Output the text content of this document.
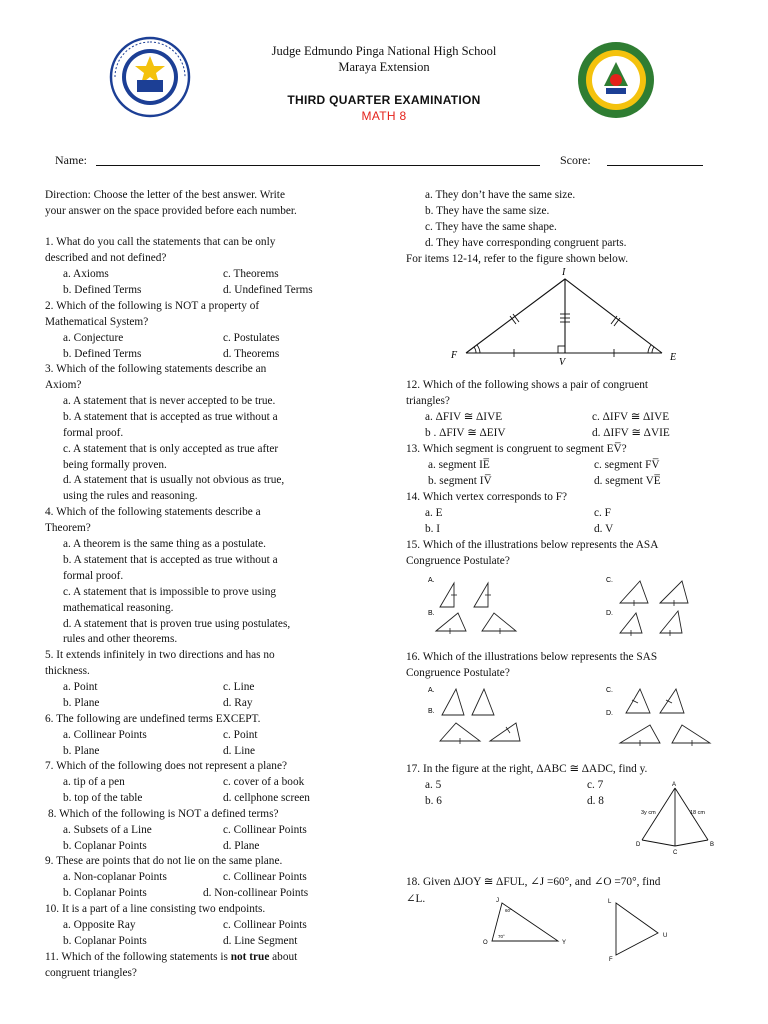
Judge Edmundo Pinga National High School
Maraya Extension
THIRD QUARTER EXAMINATION
MATH 8
Name:	Score:
Direction: Choose the letter of the best answer. Write
your answer on the space provided before each number.
1. What do you call the statements that can be only
described and not defined?
a. Axioms	c. Theorems
b. Defined Terms	d. Undefined Terms
2. Which of the following is NOT a property of
Mathematical System?
a. Conjecture	c. Postulates
b. Defined Terms	d. Theorems
3. Which of the following statements describe an
Axiom?
a. A statement that is never accepted to be true.
b. A statement that is accepted as true without a
formal proof.
c. A statement that is only accepted as true after
being formally proven.
d. A statement that is usually not obvious as true,
using the rules and reasoning.
4. Which of the following statements describe a
Theorem?
a. A theorem is the same thing as a postulate.
b. A statement that is accepted as true without a
formal proof.
c. A statement that is impossible to prove using
mathematical reasoning.
d. A statement that is proven true using postulates,
rules and other theorems.
5. It extends infinitely in two directions and has no
thickness.
a. Point	c. Line
b. Plane	d. Ray
6. The following are undefined terms EXCEPT.
a. Collinear Points	c. Point
b. Plane	d. Line
7. Which of the following does not represent a plane?
a. tip of a pen	c. cover of a book
b. top of the table	d. cellphone screen
8. Which of the following is NOT a defined terms?
a. Subsets of a Line	c. Collinear Points
b. Coplanar Points	d. Plane
9. These are points that do not lie on the same plane.
a. Non-coplanar Points	c. Collinear Points
b. Coplanar Points	d. Non-collinear Points
10. It is a part of a line consisting two endpoints.
a. Opposite Ray	c. Collinear Points
b. Coplanar Points	d. Line Segment
11. Which of the following statements is not true about
congruent triangles?
a. They don’t have the same size.
b. They have the same size.
c. They have the same shape.
d. They have corresponding congruent parts.
For items 12-14, refer to the figure shown below.
I
F
V	E
12. Which of the following shows a pair of congruent
triangles?
a. ΔFIV ≅ ΔIVE	c. ΔIFV ≅ ΔIVE
b . ΔFIV ≅ ΔEIV	d. ΔIFV ≅ ΔVIE
13. Which segment is congruent to segment EV̅?
a. segment IE̅	c. segment FV̅
b. segment IV̅	d. segment VE̅
14. Which vertex corresponds to F?
a. E	c. F
b. I	d. V
15. Which of the illustrations below represents the ASA
Congruence Postulate?
A.
B.
C.
D.
16. Which of the illustrations below represents the SAS
Congruence Postulate?
A.
B.
C.
D.
17. In the figure at the right, ΔABC ≅ ΔADC, find y.
a. 5	c. 7
b. 6	d. 8
A
D	B
C
3y cm	18 cm
18. Given ΔJOY ≅ ΔFUL, ∠J =60°, and ∠O =70°, find
∠L.	J
O	Y
60°
70°
L
U
F
